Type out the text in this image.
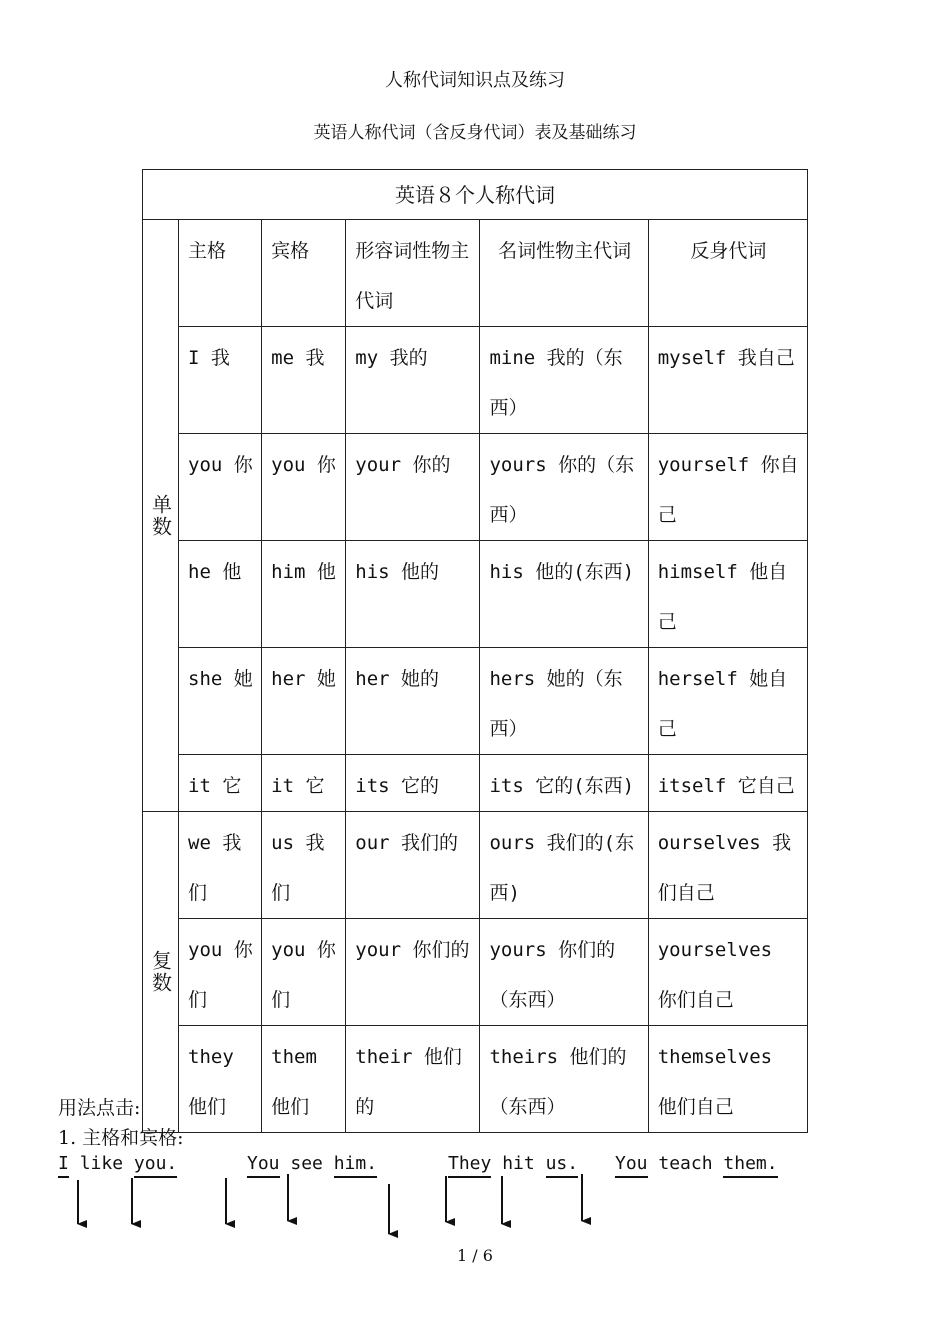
人称代词知识点及练习
英语人称代词（含反身代词）表及基础练习
英语８个人称代词					
单数	主格	宾格	形容词性物主代词	名词性物主代词	反身代词
	I 我	me 我	my 我的	mine 我的（东西）	myself 我自己
	you 你	you 你	your 你的	yours 你的（东西）	yourself 你自己
	he 他	him 他	his 他的	his 他的(东西)	himself 他自己
	she 她	her 她	her 她的	hers 她的（东西）	herself 她自己
	it 它	it 它	its 它的	its 它的(东西)	itself 它自己
复数	we 我们	us 我们	our 我们的	ours 我们的(东西)	ourselves 我们自己
	you 你们	you 你们	your 你们的	yours 你们的（东西）	yourselves 你们自己
	they 他们	them 他们	their 他们的	theirs 他们的（东西）	themselves 他们自己
用法点击:
1. 主格和宾格:
I like you.	You see him.	They hit us. You teach them.
1 / 6
